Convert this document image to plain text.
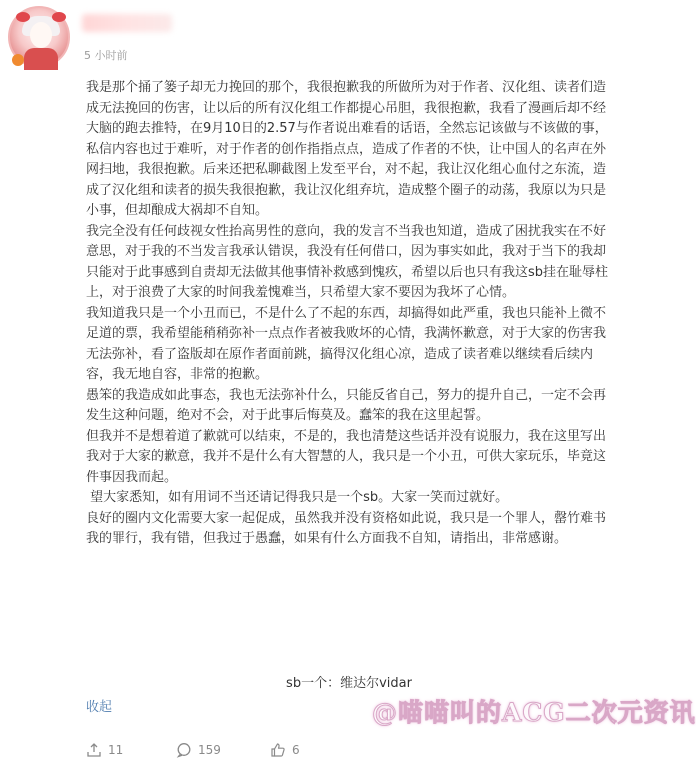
5 小时前

我是那个捅了篓子却无力挽回的那个，我很抱歉我的所做所为对于作者、汉化组、读者们造成无法挽回的伤害，让以后的所有汉化组工作都提心吊胆，我很抱歉，我看了漫画后却不经大脑的跑去推特，在9月10日的2.57与作者说出难看的话语，全然忘记该做与不该做的事，私信内容也过于难听，对于作者的创作指指点点，造成了作者的不快，让中国人的名声在外网扫地，我很抱歉。后来还把私聊截图上发至平台，对不起，我让汉化组心血付之东流，造成了汉化组和读者的损失我很抱歉，我让汉化组弃坑，造成整个圈子的动荡，我原以为只是小事，但却酿成大祸却不自知。

我完全没有任何歧视女性抬高男性的意向，我的发言不当我也知道，造成了困扰我实在不好意思，对于我的不当发言我承认错误，我没有任何借口，因为事实如此，我对于当下的我却只能对于此事感到自责却无法做其他事情补救感到愧疚，希望以后也只有我这sb挂在耻辱柱上，对于浪费了大家的时间我羞愧难当，只希望大家不要因为我坏了心情。

我知道我只是一个小丑而已，不是什么了不起的东西，却搞得如此严重，我也只能补上微不足道的票，我希望能稍稍弥补一点点作者被我败坏的心情，我满怀歉意，对于大家的伤害我无法弥补，看了盗版却在原作者面前跳，搞得汉化组心凉，造成了读者难以继续看后续内容，我无地自容，非常的抱歉。

愚笨的我造成如此事态，我也无法弥补什么，只能反省自己，努力的提升自己，一定不会再发生这种问题，绝对不会，对于此事后悔莫及。蠢笨的我在这里起誓。

但我并不是想着道了歉就可以结束，不是的，我也清楚这些话并没有说服力，我在这里写出我对于大家的歉意，我并不是什么有大智慧的人，我只是一个小丑，可供大家玩乐，毕竟这件事因我而起。

望大家悉知，如有用词不当还请记得我只是一个sb。大家一笑而过就好。

良好的圈内文化需要大家一起促成，虽然我并没有资格如此说，我只是一个罪人，罄竹难书我的罪行，我有错，但我过于愚蠢，如果有什么方面我不自知，请指出，非常感谢。

sb一个：维达尔vidar
收起	@喵喵叫的ACG二次元资讯
11	159	6
